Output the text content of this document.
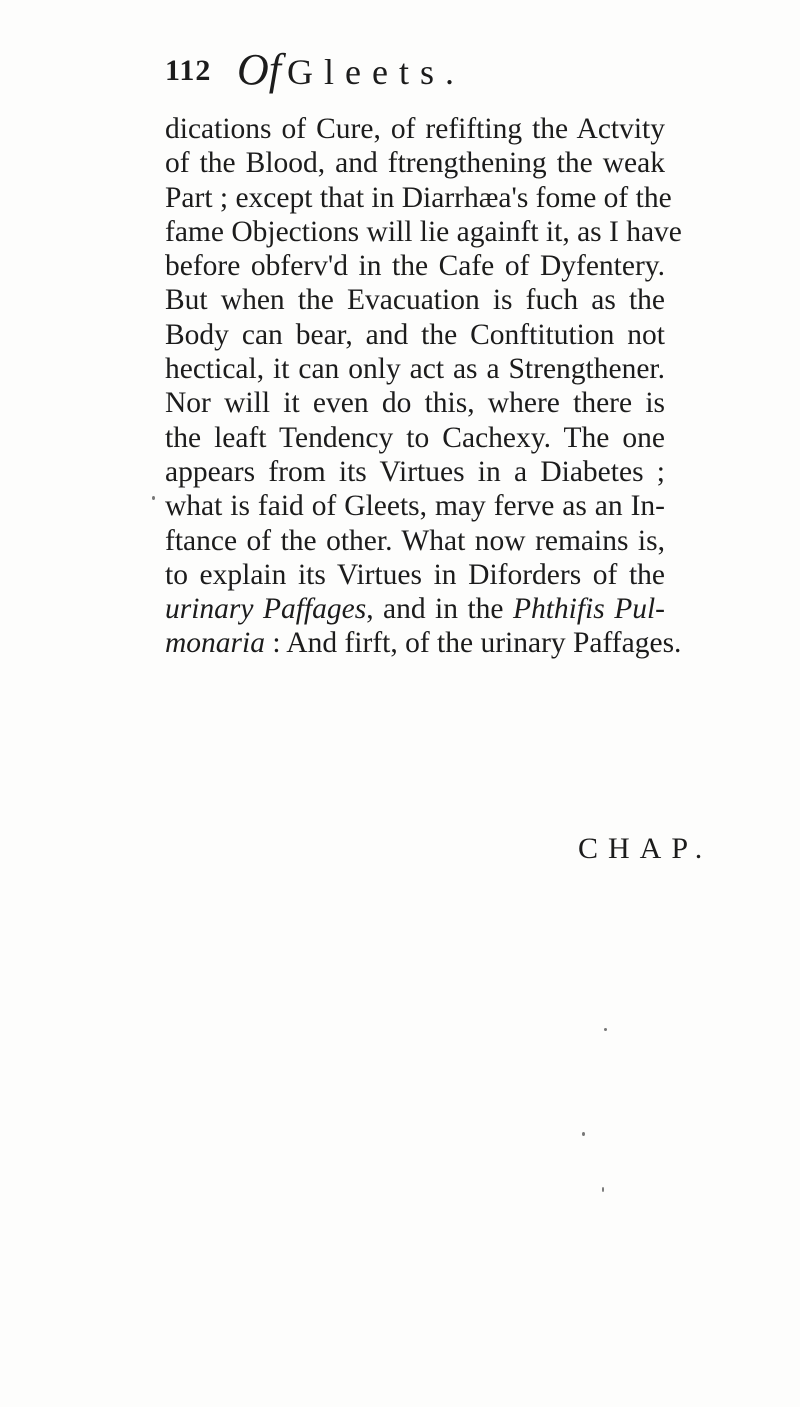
112 Of Gleets.
dications of Cure, of refifting the Actvity
of the Blood, and ftrengthening the weak
Part ; except that in Diarrhæa's fome of the
fame Objections will lie againft it, as I have
before obferv'd in the Cafe of Dyfentery.
But when the Evacuation is fuch as the
Body can bear, and the Conftitution not
hectical, it can only act as a Strengthener.
Nor will it even do this, where there is
the leaft Tendency to Cachexy. The one
appears from its Virtues in a Diabetes ;
what is faid of Gleets, may ferve as an In-
ftance of the other. What now remains is,
to explain its Virtues in Diforders of the
urinary Paffages, and in the Phthifis Pul-
monaria : And firft, of the urinary Paffages.
CHAP.
